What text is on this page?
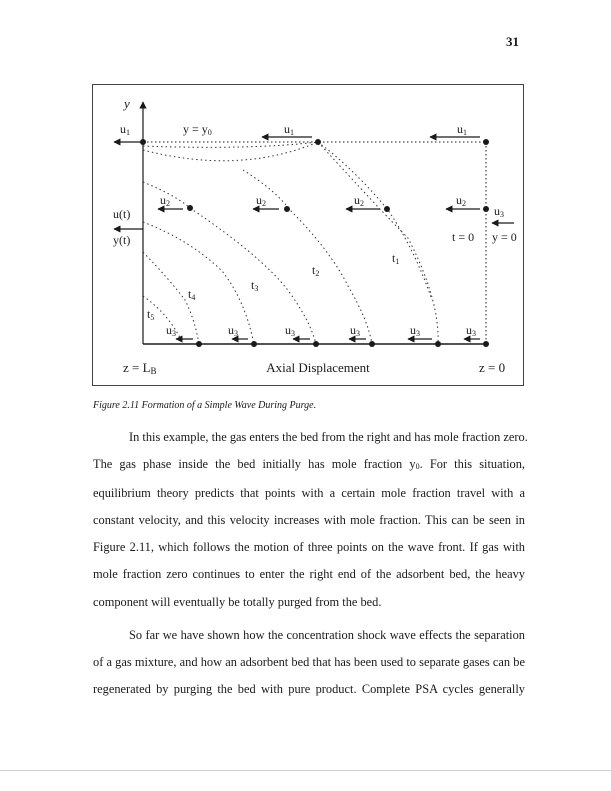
31
y
u1	y = y0	u1	u1
u(t)
y(t)
u2	u2	u2	u2
u3
t = 0 y = 0
t1
t2
t3
t4
t5
u3	u3	u3	u3	u3	u3
z = LB	Axial Displacement	z = 0
Figure 2.11 Formation of a Simple Wave During Purge.
In this example, the gas enters the bed from the right and has mole fraction zero.
The gas phase inside the bed initially has mole fraction y0. For this situation,
equilibrium theory predicts that points with a certain mole fraction travel with a
constant velocity, and this velocity increases with mole fraction. This can be seen in
Figure 2.11, which follows the motion of three points on the wave front. If gas with
mole fraction zero continues to enter the right end of the adsorbent bed, the heavy
component will eventually be totally purged from the bed.
So far we have shown how the concentration shock wave effects the separation
of a gas mixture, and how an adsorbent bed that has been used to separate gases can be
regenerated by purging the bed with pure product. Complete PSA cycles generally
